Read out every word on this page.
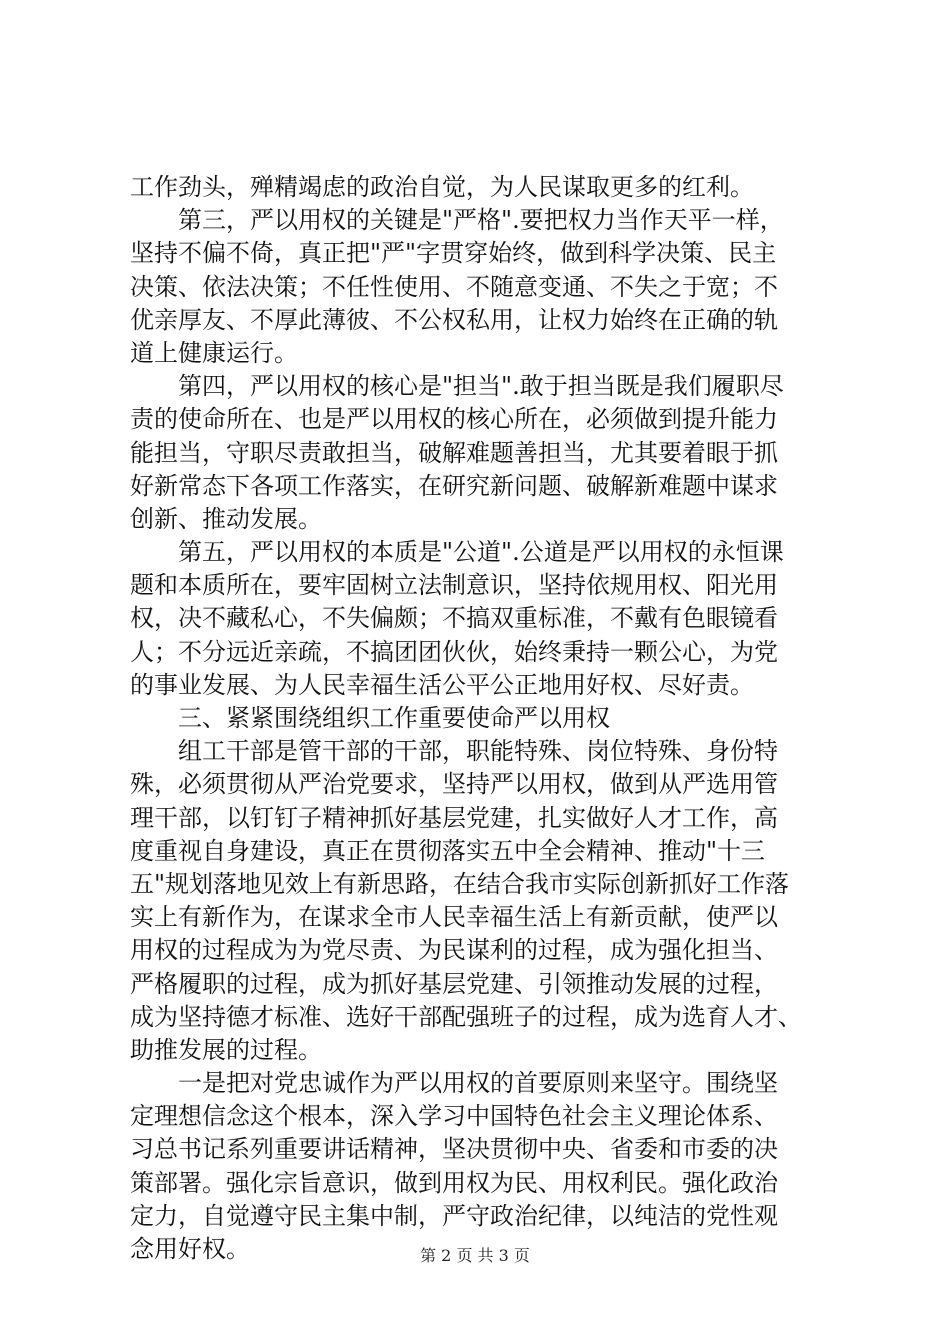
工作劲头，殚精竭虑的政治自觉，为人民谋取更多的红利。
　　第三，严以用权的关键是"严格".要把权力当作天平一样，
坚持不偏不倚，真正把"严"字贯穿始终，做到科学决策、民主
决策、依法决策；不任性使用、不随意变通、不失之于宽；不
优亲厚友、不厚此薄彼、不公权私用，让权力始终在正确的轨
道上健康运行。
　　第四，严以用权的核心是"担当".敢于担当既是我们履职尽
责的使命所在、也是严以用权的核心所在，必须做到提升能力
能担当，守职尽责敢担当，破解难题善担当，尤其要着眼于抓
好新常态下各项工作落实，在研究新问题、破解新难题中谋求
创新、推动发展。
　　第五，严以用权的本质是"公道".公道是严以用权的永恒课
题和本质所在，要牢固树立法制意识，坚持依规用权、阳光用
权，决不藏私心，不失偏颇；不搞双重标准，不戴有色眼镜看
人；不分远近亲疏，不搞团团伙伙，始终秉持一颗公心，为党
的事业发展、为人民幸福生活公平公正地用好权、尽好责。
　　三、紧紧围绕组织工作重要使命严以用权
　　组工干部是管干部的干部，职能特殊、岗位特殊、身份特
殊，必须贯彻从严治党要求，坚持严以用权，做到从严选用管
理干部，以钉钉子精神抓好基层党建，扎实做好人才工作，高
度重视自身建设，真正在贯彻落实五中全会精神、推动"十三
五"规划落地见效上有新思路，在结合我市实际创新抓好工作落
实上有新作为，在谋求全市人民幸福生活上有新贡献，使严以
用权的过程成为为党尽责、为民谋利的过程，成为强化担当、
严格履职的过程，成为抓好基层党建、引领推动发展的过程，
成为坚持德才标准、选好干部配强班子的过程，成为选育人才、
助推发展的过程。
　　一是把对党忠诚作为严以用权的首要原则来坚守。围绕坚
定理想信念这个根本，深入学习中国特色社会主义理论体系、
习总书记系列重要讲话精神，坚决贯彻中央、省委和市委的决
策部署。强化宗旨意识，做到用权为民、用权利民。强化政治
定力，自觉遵守民主集中制，严守政治纪律，以纯洁的党性观
念用好权。	第 2 页 共 3 页
